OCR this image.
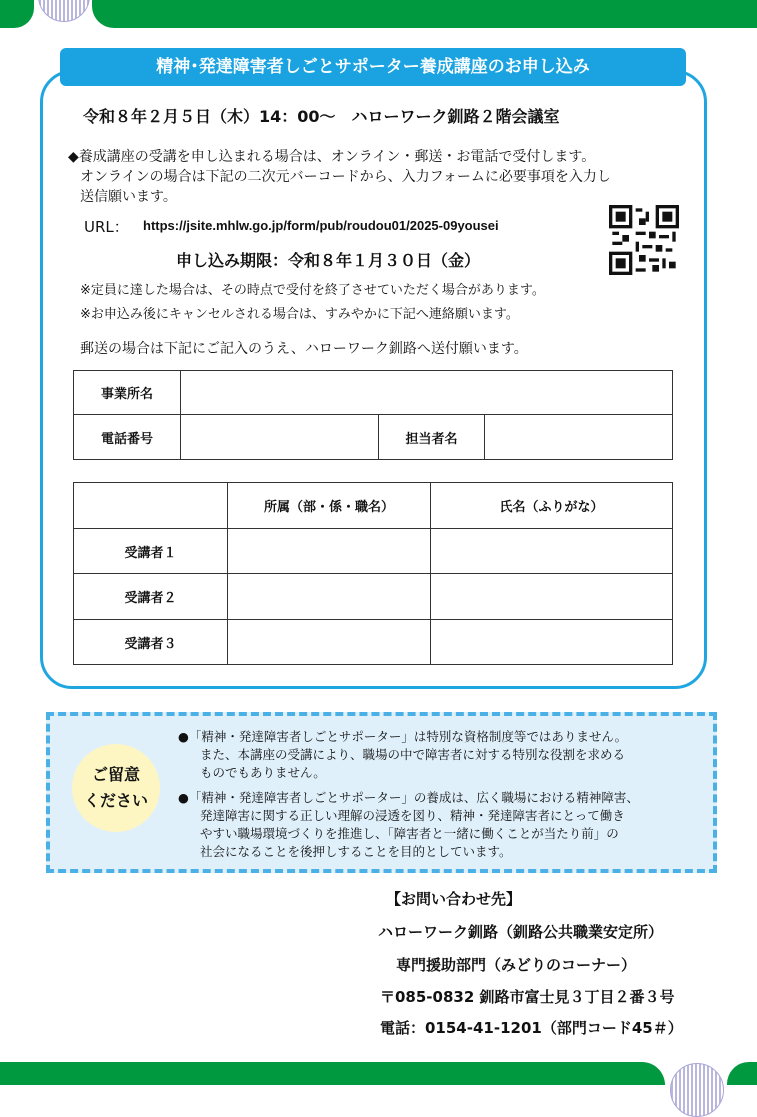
精神･発達障害者しごとサポーター養成講座のお申し込み
令和８年２月５日（木）14：00～　ハローワーク釧路２階会議室
◆養成講座の受講を申し込まれる場合は、オンライン・郵送・お電話で受付します。
オンラインの場合は下記の二次元バーコードから、入力フォームに必要事項を入力し
送信願います。
URL： https://jsite.mhlw.go.jp/form/pub/roudou01/2025-09yousei
申し込み期限：令和８年１月３０日（金）
※定員に達した場合は、その時点で受付を終了させていただく場合があります。
※お申込み後にキャンセルされる場合は、すみやかに下記へ連絡願います。
郵送の場合は下記にご記入のうえ、ハローワーク釧路へ送付願います。
事業所名			
電話番号		担当者名	
	所属（部・係・職名）	氏名（ふりがな）
受講者１		
受講者２		
受講者３		
ご留意
ください
●「精神・発達障害者しごとサポーター」は特別な資格制度等ではありません。
また、本講座の受講により、職場の中で障害者に対する特別な役割を求める
ものでもありません。
●「精神・発達障害者しごとサポーター」の養成は、広く職場における精神障害、
発達障害に関する正しい理解の浸透を図り、精神・発達障害者にとって働き
やすい職場環境づくりを推進し、「障害者と一緒に働くことが当たり前」の
社会になることを後押しすることを目的としています。
【お問い合わせ先】
ハローワーク釧路（釧路公共職業安定所）
専門援助部門（みどりのコーナー）
〒085-0832 釧路市富士見３丁目２番３号
電話：0154-41-1201（部門コード45＃）
